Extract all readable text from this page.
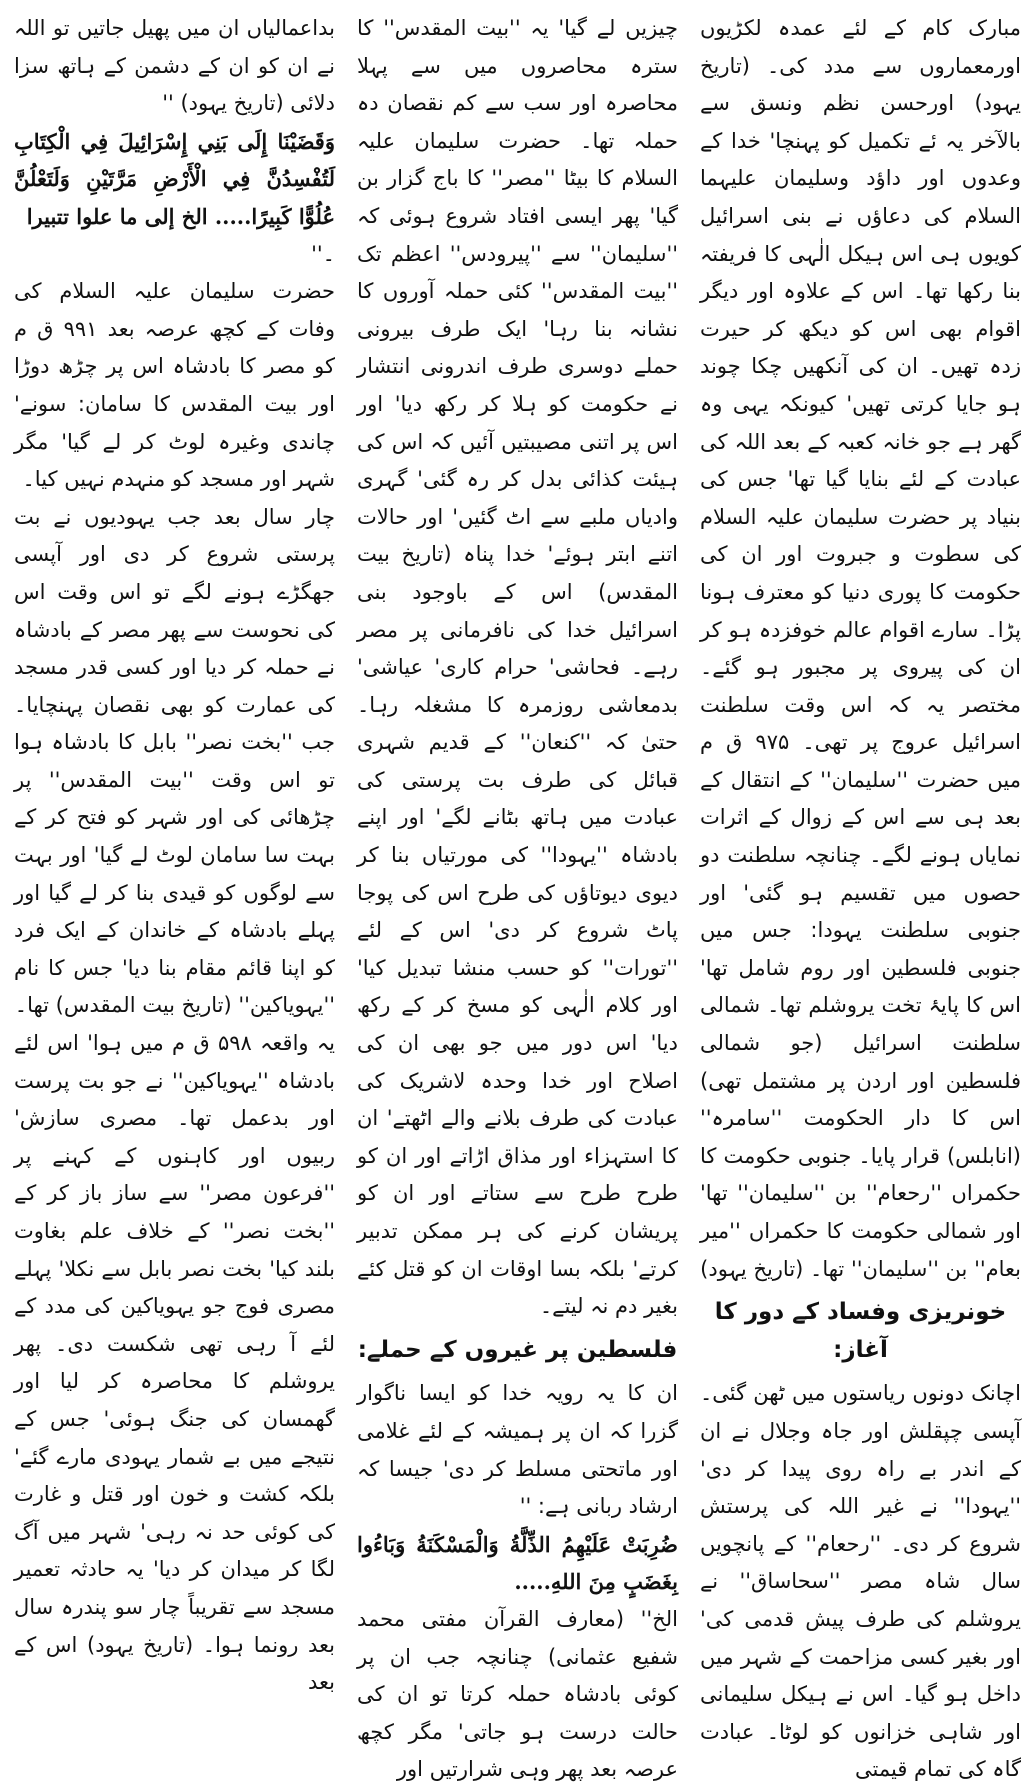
مبارک کام کے لئے عمدہ لکڑیوں اورمعماروں سے مدد کی۔ (تاریخ یہود) اورحسن نظم ونسق سے بالآخر یہ ئے تکمیل کو پہنچا' خدا کے وعدوں اور داؤد وسلیمان علیہما السلام کی دعاؤں نے بنی اسرائیل کویوں ہی اس ہیکل الٰہی کا فریفتہ بنا رکھا تھا۔ اس کے علاوہ اور دیگر اقوام بھی اس کو دیکھ کر حیرت زدہ تھیں۔ ان کی آنکھیں چکا چوند ہو جایا کرتی تھیں' کیونکہ یہی وہ گھر ہے جو خانہ کعبہ کے بعد اللہ کی عبادت کے لئے بنایا گیا تھا' جس کی بنیاد پر حضرت سلیمان علیہ السلام کی سطوت و جبروت اور ان کی حکومت کا پوری دنیا کو معترف ہونا پڑا۔ سارے اقوام عالم خوفزدہ ہو کر ان کی پیروی پر مجبور ہو گئے۔ مختصر یہ کہ اس وقت سلطنت اسرائیل عروج پر تھی۔ ۹۷۵ ق م میں حضرت ''سلیمان'' کے انتقال کے بعد ہی سے اس کے زوال کے اثرات نمایاں ہونے لگے۔ چنانچہ سلطنت دو حصوں میں تقسیم ہو گئی' اور جنوبی سلطنت یہودا: جس میں جنوبی فلسطین اور روم شامل تھا' اس کا پایۂ تخت یروشلم تھا۔ شمالی سلطنت اسرائیل (جو شمالی فلسطین اور اردن پر مشتمل تھی) اس کا دار الحکومت ''سامرہ'' (انابلس) قرار پایا۔ جنوبی حکومت کا حکمراں ''رحعام'' بن ''سلیمان'' تھا' اور شمالی حکومت کا حکمراں ''میر بعام'' بن ''سلیمان'' تھا۔ (تاریخ یہود)
خونریزی وفساد کے دور کا آغاز:
اچانک دونوں ریاستوں میں ٹھن گئی۔ آپسی چپقلش اور جاہ وجلال نے ان کے اندر بے راہ روی پیدا کر دی' ''یہودا'' نے غیر اللہ کی پرستش شروع کر دی۔ ''رحعام'' کے پانچویں سال شاہ مصر ''سحاساق'' نے یروشلم کی طرف پیش قدمی کی' اور بغیر کسی مزاحمت کے شہر میں داخل ہو گیا۔ اس نے ہیکل سلیمانی اور شاہی خزانوں کو لوٹا۔ عبادت گاہ کی تمام قیمتی
چیزیں لے گیا' یہ ''بیت المقدس'' کا سترہ محاصروں میں سے پہلا محاصرہ اور سب سے کم نقصان دہ حملہ تھا۔ حضرت سلیمان علیہ السلام کا بیٹا ''مصر'' کا باج گزار بن گیا' پھر ایسی افتاد شروع ہوئی کہ ''سلیمان'' سے ''پیرودس'' اعظم تک ''بیت المقدس'' کئی حملہ آوروں کا نشانہ بنا رہا' ایک طرف بیرونی حملے دوسری طرف اندرونی انتشار نے حکومت کو ہلا کر رکھ دیا' اور اس پر اتنی مصیبتیں آئیں کہ اس کی ہیئت کذائی بدل کر رہ گئی' گہری وادیاں ملبے سے اٹ گئیں' اور حالات اتنے ابتر ہوئے' خدا پناہ (تاریخ بیت المقدس) اس کے باوجود بنی اسرائیل خدا کی نافرمانی پر مصر رہے۔ فحاشی' حرام کاری' عیاشی' بدمعاشی روزمرہ کا مشغلہ رہا۔ حتیٰ کہ ''کنعان'' کے قدیم شہری قبائل کی طرف بت پرستی کی عبادت میں ہاتھ بٹانے لگے' اور اپنے بادشاہ ''یہودا'' کی مورتیاں بنا کر دیوی دیوتاؤں کی طرح اس کی پوجا پاٹ شروع کر دی' اس کے لئے ''تورات'' کو حسب منشا تبدیل کیا' اور کلام الٰہی کو مسخ کر کے رکھ دیا' اس دور میں جو بھی ان کی اصلاح اور خدا وحدہ لاشریک کی عبادت کی طرف بلانے والے اٹھتے' ان کا استہزاء اور مذاق اڑاتے اور ان کو طرح طرح سے ستاتے اور ان کو پریشان کرنے کی ہر ممکن تدبیر کرتے' بلکہ بسا اوقات ان کو قتل کئے بغیر دم نہ لیتے۔
فلسطین پر غیروں کے حملے:
ان کا یہ رویہ خدا کو ایسا ناگوار گزرا کہ ان پر ہمیشہ کے لئے غلامی اور ماتحتی مسلط کر دی' جیسا کہ ارشاد ربانی ہے: ''
ضُرِبَتْ عَلَيْهِمُ الذِّلَّةُ وَالْمَسْكَنَةُ وَبَاءُوا بِغَضَبٍ مِنَ اللهِ.....
الخ'' (معارف القرآن مفتی محمد شفیع عثمانی) چنانچہ جب ان پر کوئی بادشاہ حملہ کرتا تو ان کی حالت درست ہو جاتی' مگر کچھ عرصہ بعد پھر وہی شرارتیں اور
بداعمالیاں ان میں پھیل جاتیں تو اللہ نے ان کو ان کے دشمن کے ہاتھ سزا دلائی (تاریخ یہود) ''
وَقَضَيْنَا إِلَى بَنِي إِسْرَائِيلَ فِي الْكِتَابِ لَتُفْسِدُنَّ فِي الْأَرْضِ مَرَّتَيْنِ وَلَتَعْلُنَّ عُلُوًّا كَبِيرًا..... الخ إلى ما علوا تتبيرا
۔''
حضرت سلیمان علیہ السلام کی وفات کے کچھ عرصہ بعد ۹۹۱ ق م کو مصر کا بادشاہ اس پر چڑھ دوڑا اور بیت المقدس کا سامان: سونے' چاندی وغیرہ لوٹ کر لے گیا' مگر شہر اور مسجد کو منہدم نہیں کیا۔
چار سال بعد جب یہودیوں نے بت پرستی شروع کر دی اور آپسی جھگڑے ہونے لگے تو اس وقت اس کی نحوست سے پھر مصر کے بادشاہ نے حملہ کر دیا اور کسی قدر مسجد کی عمارت کو بھی نقصان پہنچایا۔ جب ''بخت نصر'' بابل کا بادشاہ ہوا تو اس وقت ''بیت المقدس'' پر چڑھائی کی اور شہر کو فتح کر کے بہت سا سامان لوٹ لے گیا' اور بہت سے لوگوں کو قیدی بنا کر لے گیا اور پہلے بادشاہ کے خاندان کے ایک فرد کو اپنا قائم مقام بنا دیا' جس کا نام ''یہویاکین'' (تاریخ بیت المقدس) تھا۔
یہ واقعہ ۵۹۸ ق م میں ہوا' اس لئے بادشاہ ''یہویاکین'' نے جو بت پرست اور بدعمل تھا۔ مصری سازش' ربیوں اور کاہنوں کے کہنے پر ''فرعون مصر'' سے ساز باز کر کے ''بخت نصر'' کے خلاف علم بغاوت بلند کیا' بخت نصر بابل سے نکلا' پہلے مصری فوج جو یہویاکین کی مدد کے لئے آ رہی تھی شکست دی۔ پھر یروشلم کا محاصرہ کر لیا اور گھمسان کی جنگ ہوئی' جس کے نتیجے میں بے شمار یہودی مارے گئے' بلکہ کشت و خون اور قتل و غارت کی کوئی حد نہ رہی' شہر میں آگ لگا کر میدان کر دیا' یہ حادثہ تعمیر مسجد سے تقریباً چار سو پندرہ سال بعد رونما ہوا۔ (تاریخ یہود) اس کے بعد
